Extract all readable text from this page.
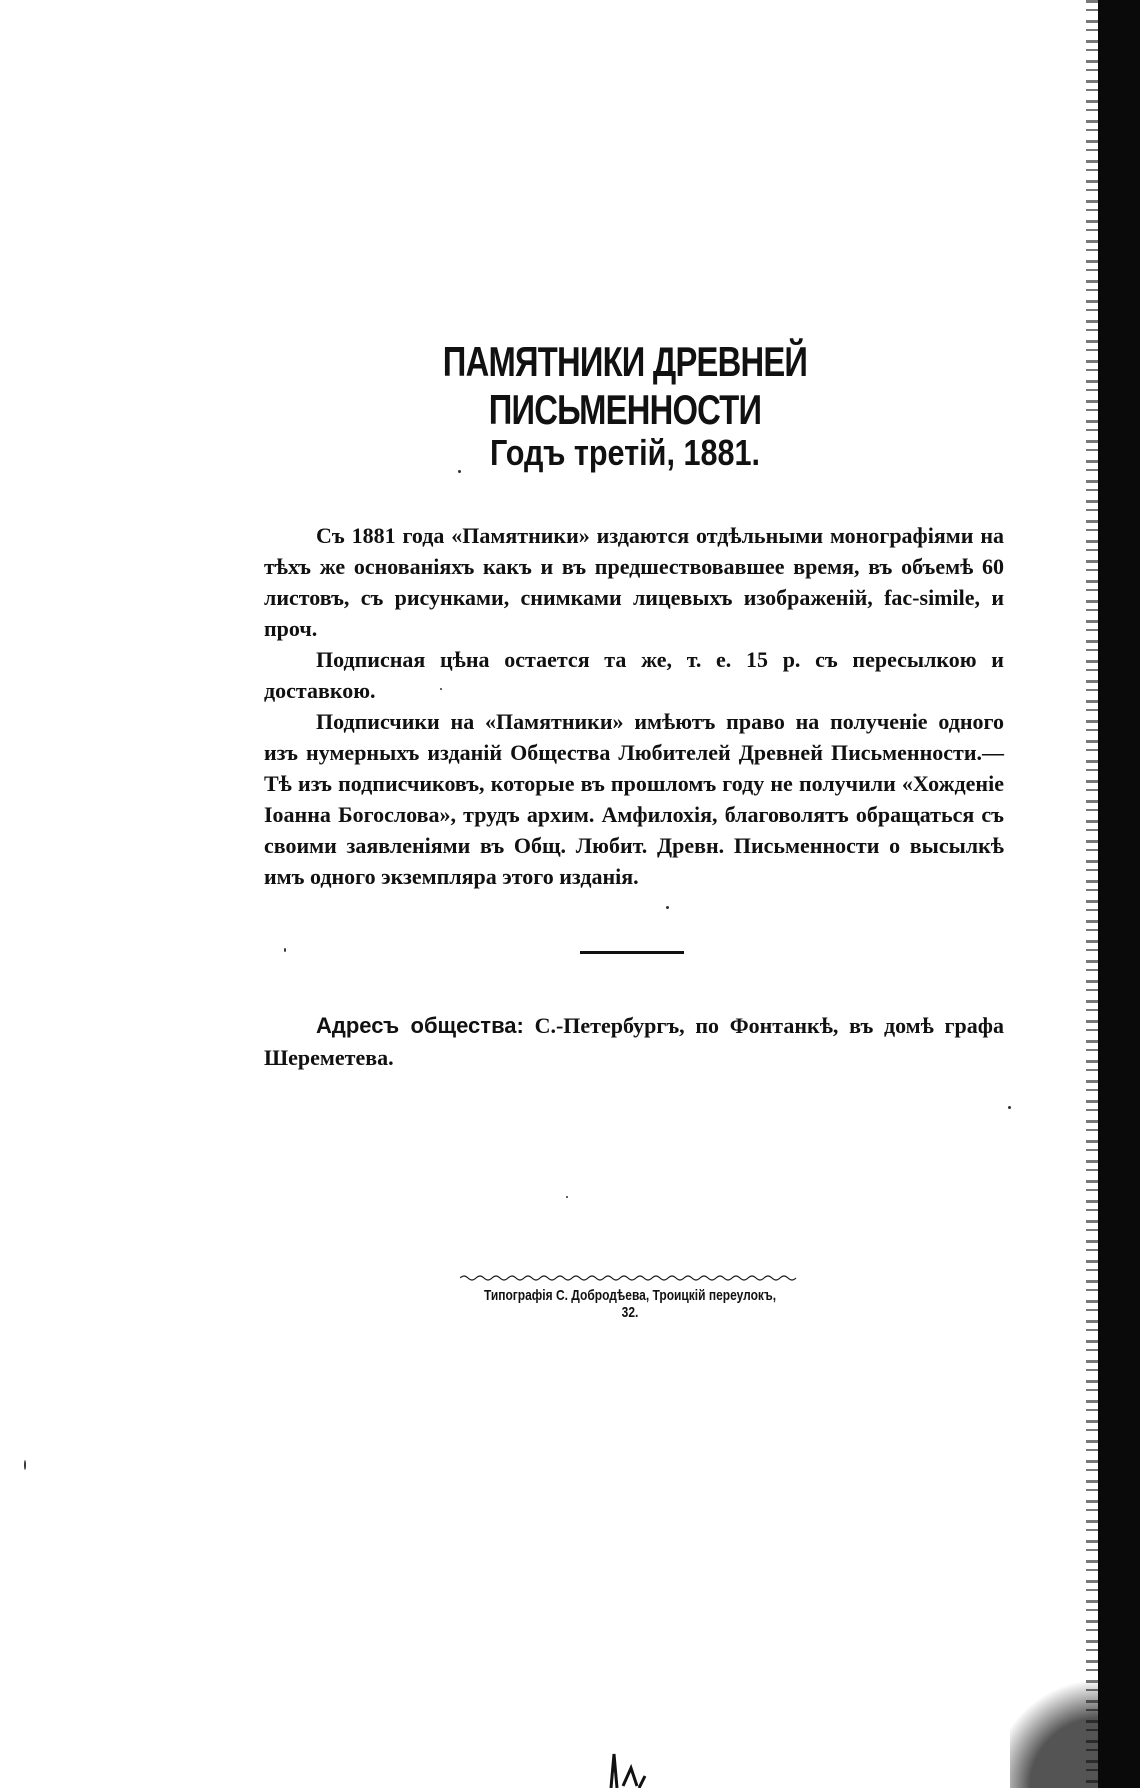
ПАМЯТНИКИ ДРЕВНЕЙ ПИСЬМЕННОСТИ
Годъ третій, 1881.

Съ 1881 года «Памятники» издаются отдѣльными монографіями на тѣхъ же основаніяхъ какъ и въ предшествовавшее время, въ объемѣ 60 листовъ, съ рисунками, снимками лицевыхъ изображеній, fac-simile, и проч.

Подписная цѣна остается та же, т. е. 15 р. съ пересылкою и доставкою.

Подписчики на «Памятники» имѣютъ право на полученіе одного изъ нумерныхъ изданій Общества Любителей Древней Письменности.—Тѣ изъ подписчиковъ, которые въ прошломъ году не получили «Хожденіе Іоанна Богослова», трудъ архим. Амфилохія, благоволятъ обращаться съ своими заявленіями въ Общ. Любит. Древн. Письменности о высылкѣ имъ одного экземпляра этого изданія.

Адресъ общества: С.-Петербургъ, по Фонтанкѣ, въ домѣ графа Шереметева.
Типографія С. Добродѣева, Троицкій переулокъ, 32.
